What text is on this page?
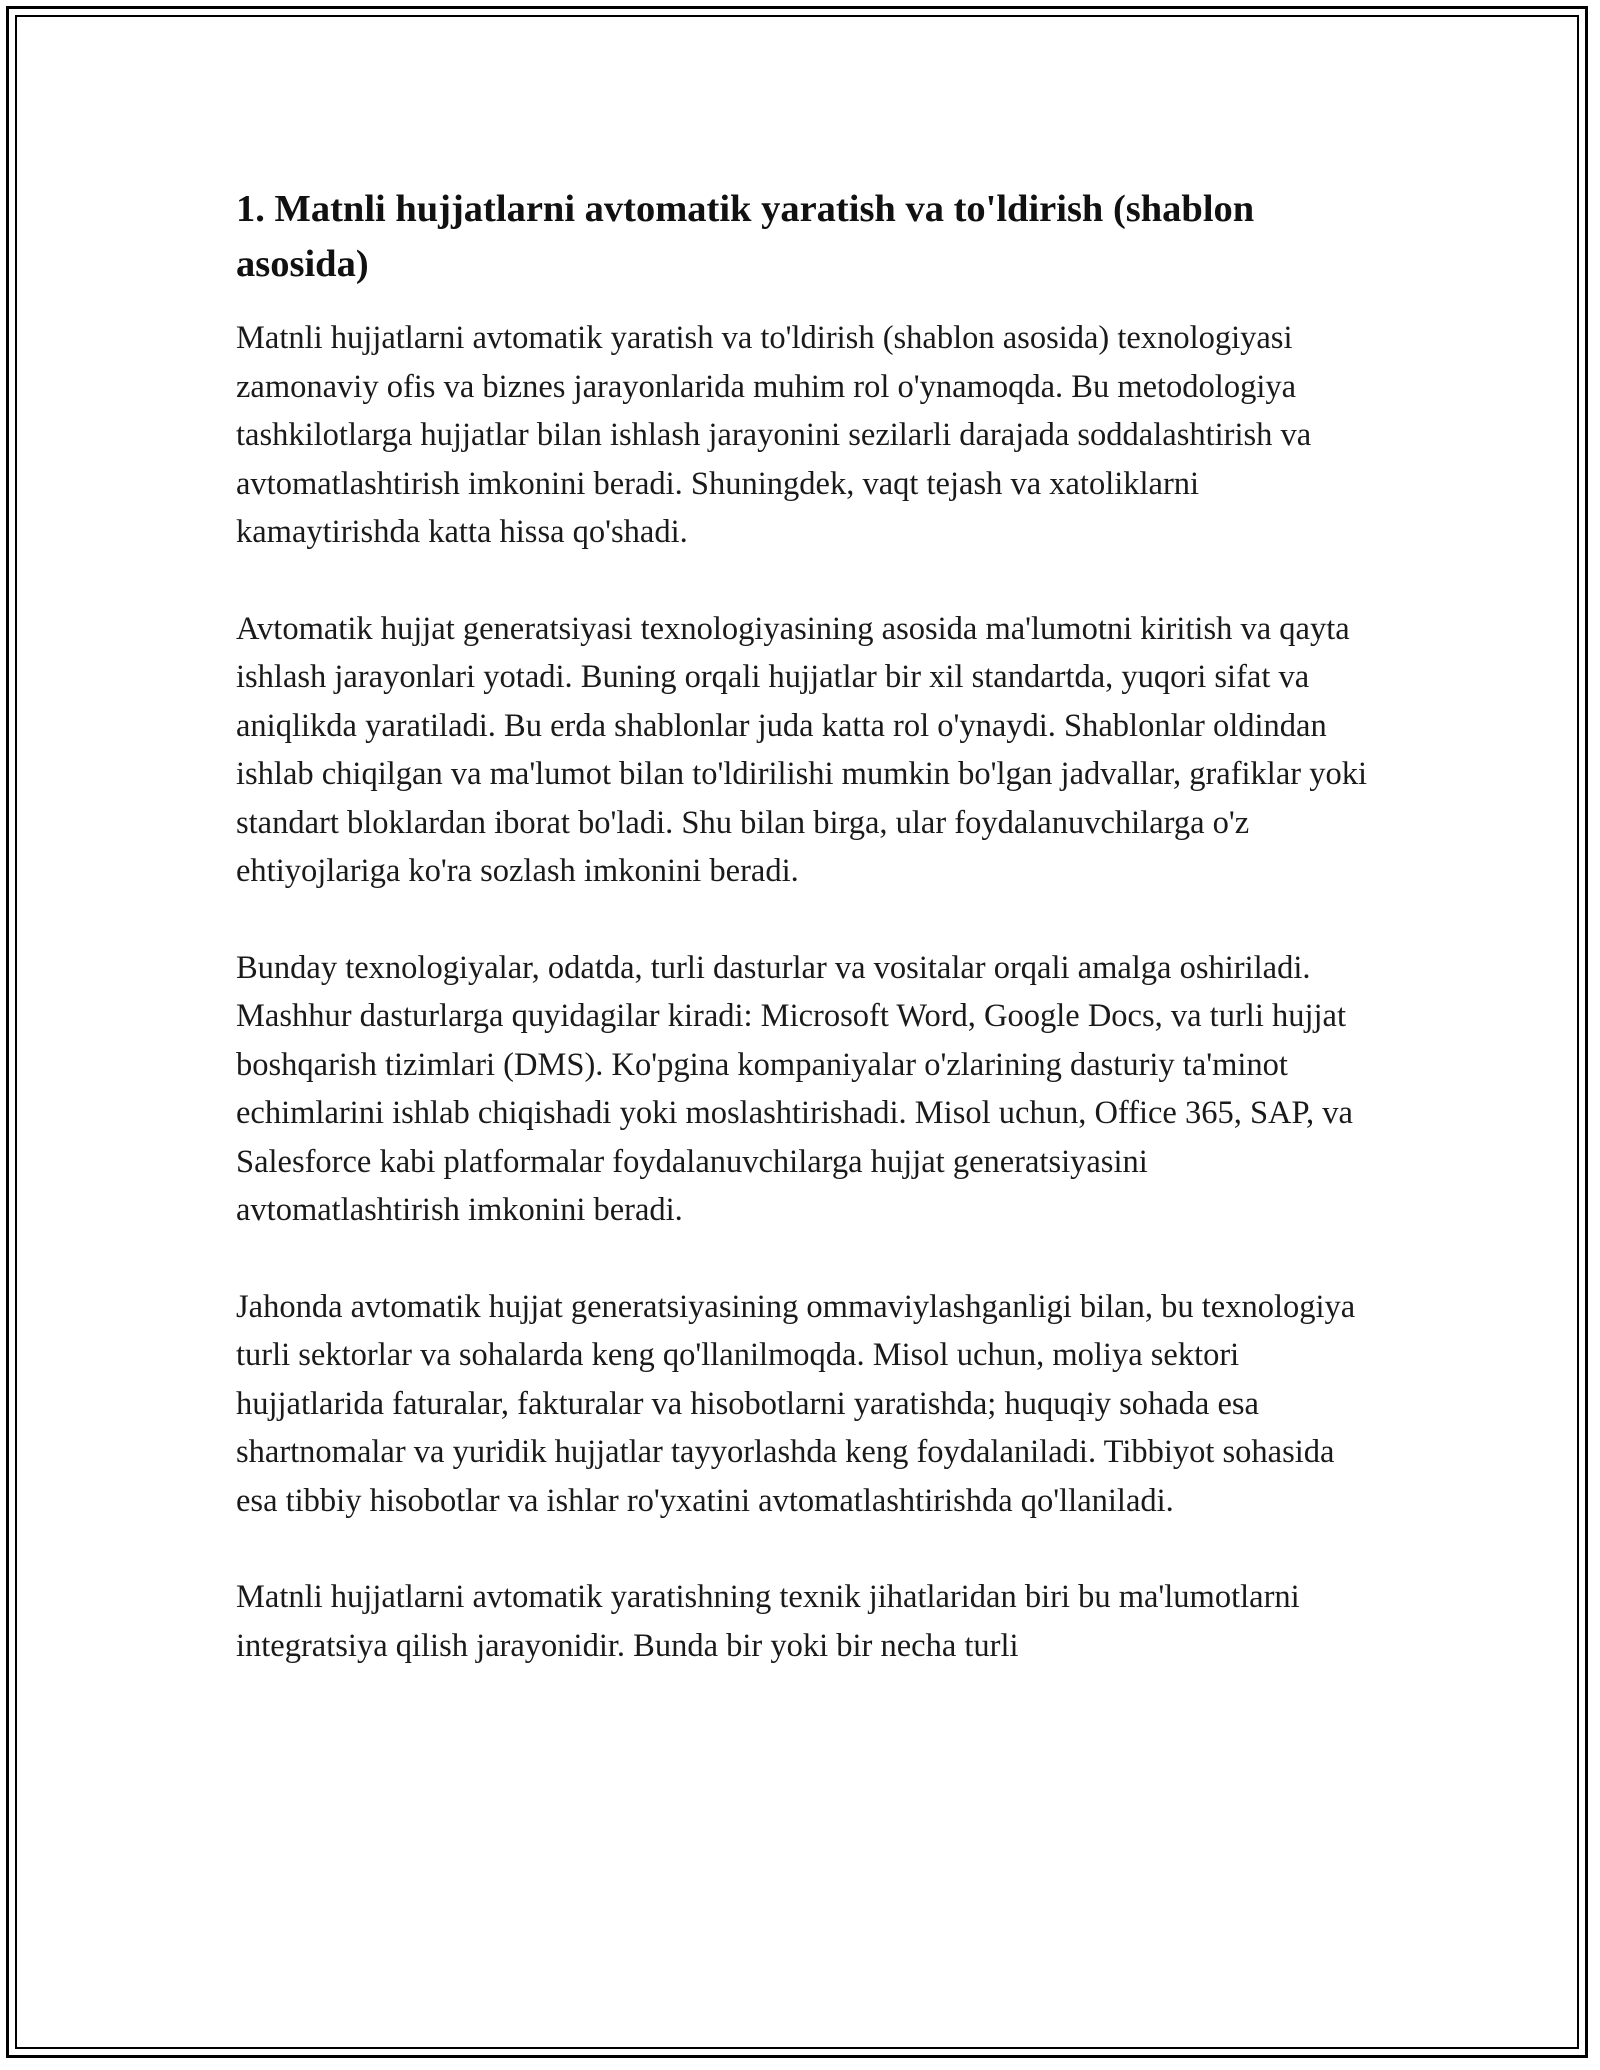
1. Matnli hujjatlarni avtomatik yaratish va to'ldirish (shablon asosida)

Matnli hujjatlarni avtomatik yaratish va to'ldirish (shablon asosida) texnologiyasi zamonaviy ofis va biznes jarayonlarida muhim rol o'ynamoqda. Bu metodologiya tashkilotlarga hujjatlar bilan ishlash jarayonini sezilarli darajada soddalashtirish va avtomatlashtirish imkonini beradi. Shuningdek, vaqt tejash va xatoliklarni kamaytirishda katta hissa qo'shadi.

Avtomatik hujjat generatsiyasi texnologiyasining asosida ma'lumotni kiritish va qayta ishlash jarayonlari yotadi. Buning orqali hujjatlar bir xil standartda, yuqori sifat va aniqlikda yaratiladi. Bu erda shablonlar juda katta rol o'ynaydi. Shablonlar oldindan ishlab chiqilgan va ma'lumot bilan to'ldirilishi mumkin bo'lgan jadvallar, grafiklar yoki standart bloklardan iborat bo'ladi. Shu bilan birga, ular foydalanuvchilarga o'z ehtiyojlariga ko'ra sozlash imkonini beradi.

Bunday texnologiyalar, odatda, turli dasturlar va vositalar orqali amalga oshiriladi. Mashhur dasturlarga quyidagilar kiradi: Microsoft Word, Google Docs, va turli hujjat boshqarish tizimlari (DMS). Ko'pgina kompaniyalar o'zlarining dasturiy ta'minot echimlarini ishlab chiqishadi yoki moslashtirishadi. Misol uchun, Office 365, SAP, va Salesforce kabi platformalar foydalanuvchilarga hujjat generatsiyasini avtomatlashtirish imkonini beradi.

Jahonda avtomatik hujjat generatsiyasining ommaviylashganligi bilan, bu texnologiya turli sektorlar va sohalarda keng qo'llanilmoqda. Misol uchun, moliya sektori hujjatlarida faturalar, fakturalar va hisobotlarni yaratishda; huquqiy sohada esa shartnomalar va yuridik hujjatlar tayyorlashda keng foydalaniladi. Tibbiyot sohasida esa tibbiy hisobotlar va ishlar ro'yxatini avtomatlashtirishda qo'llaniladi.

Matnli hujjatlarni avtomatik yaratishning texnik jihatlaridan biri bu ma'lumotlarni integratsiya qilish jarayonidir. Bunda bir yoki bir necha turli
